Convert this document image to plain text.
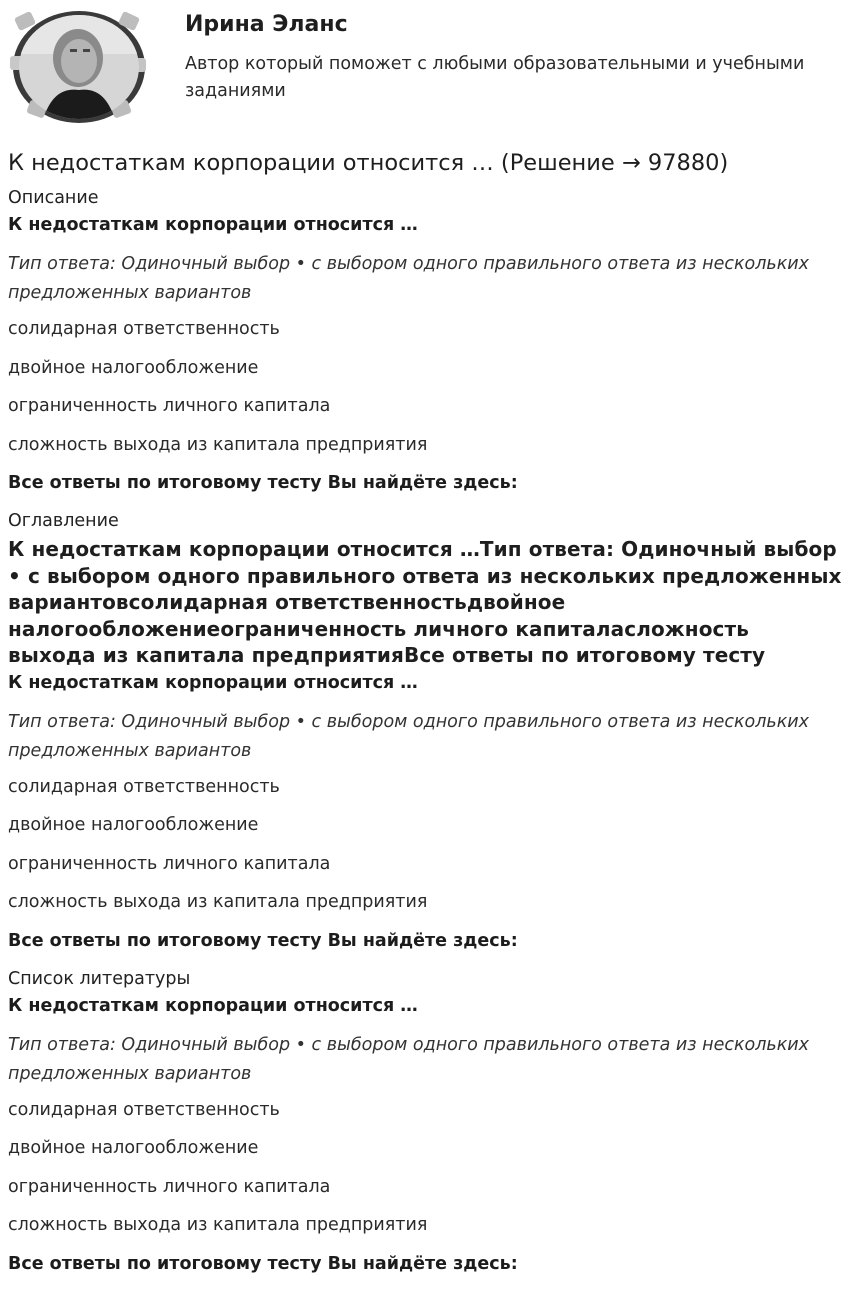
Ирина Эланс
Автор который поможет с любыми образовательными и учебными заданиями
К недостаткам корпорации относится … (Решение → 97880)
Описание
К недостаткам корпорации относится …
Тип ответа: Одиночный выбор • с выбором одного правильного ответа из нескольких предложенных вариантов
солидарная ответственность
двойное налогообложение
ограниченность личного капитала
сложность выхода из капитала предприятия
Все ответы по итоговому тесту Вы найдёте здесь:
Оглавление
К недостаткам корпорации относится …Тип ответа: Одиночный выбор • с выбором одного правильного ответа из нескольких предложенных вариантовсолидарная ответственностьдвойное налогообложениеограниченность личного капиталасложность выхода из капитала предприятияВсе ответы по итоговому тесту
К недостаткам корпорации относится …
Тип ответа: Одиночный выбор • с выбором одного правильного ответа из нескольких предложенных вариантов
солидарная ответственность
двойное налогообложение
ограниченность личного капитала
сложность выхода из капитала предприятия
Все ответы по итоговому тесту Вы найдёте здесь:
Список литературы
К недостаткам корпорации относится …
Тип ответа: Одиночный выбор • с выбором одного правильного ответа из нескольких предложенных вариантов
солидарная ответственность
двойное налогообложение
ограниченность личного капитала
сложность выхода из капитала предприятия
Все ответы по итоговому тесту Вы найдёте здесь:
